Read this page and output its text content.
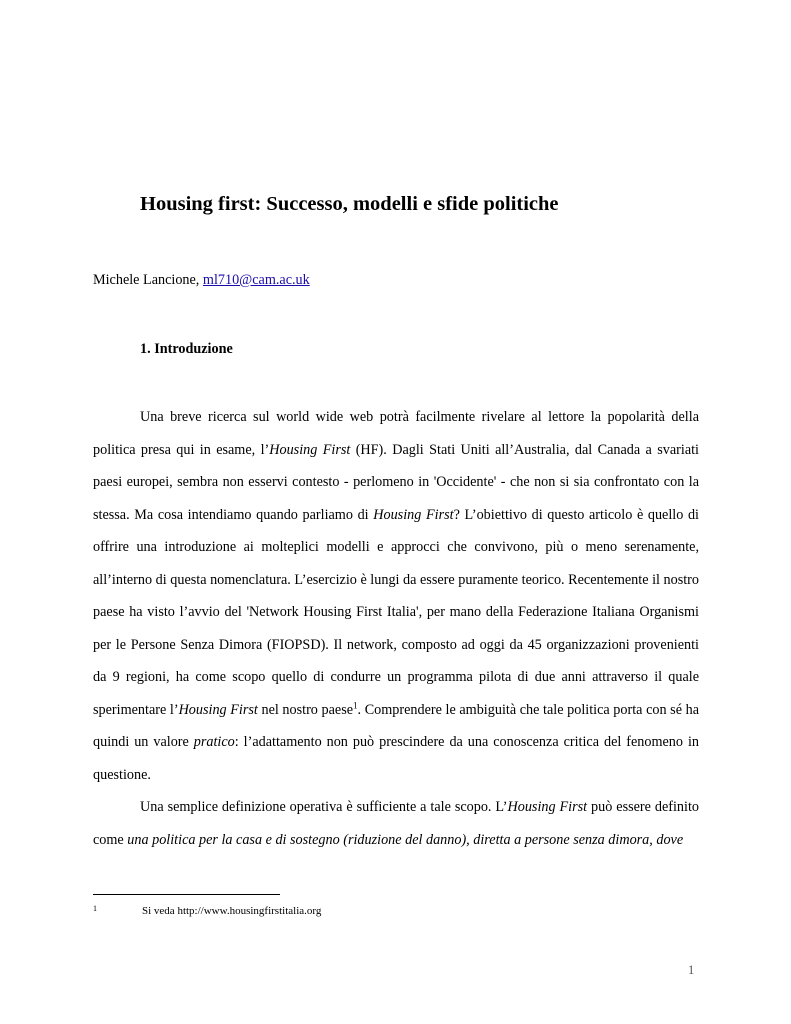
Housing first: Successo, modelli e sfide politiche
Michele Lancione, ml710@cam.ac.uk
1. Introduzione

Una breve ricerca sul world wide web potrà facilmente rivelare al lettore la popolarità della politica presa qui in esame, l’Housing First (HF). Dagli Stati Uniti all’Australia, dal Canada a svariati paesi europei, sembra non esservi contesto - perlomeno in 'Occidente' - che non si sia confrontato con la stessa. Ma cosa intendiamo quando parliamo di Housing First? L’obiettivo di questo articolo è quello di offrire una introduzione ai molteplici modelli e approcci che convivono, più o meno serenamente, all’interno di questa nomenclatura. L’esercizio è lungi da essere puramente teorico. Recentemente il nostro paese ha visto l’avvio del 'Network Housing First Italia', per mano della Federazione Italiana Organismi per le Persone Senza Dimora (FIOPSD). Il network, composto ad oggi da 45 organizzazioni provenienti da 9 regioni, ha come scopo quello di condurre un programma pilota di due anni attraverso il quale sperimentare l’Housing First nel nostro paese$^1$. Comprendere le ambiguità che tale politica porta con sé ha quindi un valore pratico: l’adattamento non può prescindere da una conoscenza critica del fenomeno in questione.

Una semplice definizione operativa è sufficiente a tale scopo. L’Housing First può essere definito come una politica per la casa e di sostegno (riduzione del danno), diretta a persone senza dimora, dove

1	Si veda http://www.housingfirstitalia.org
1
